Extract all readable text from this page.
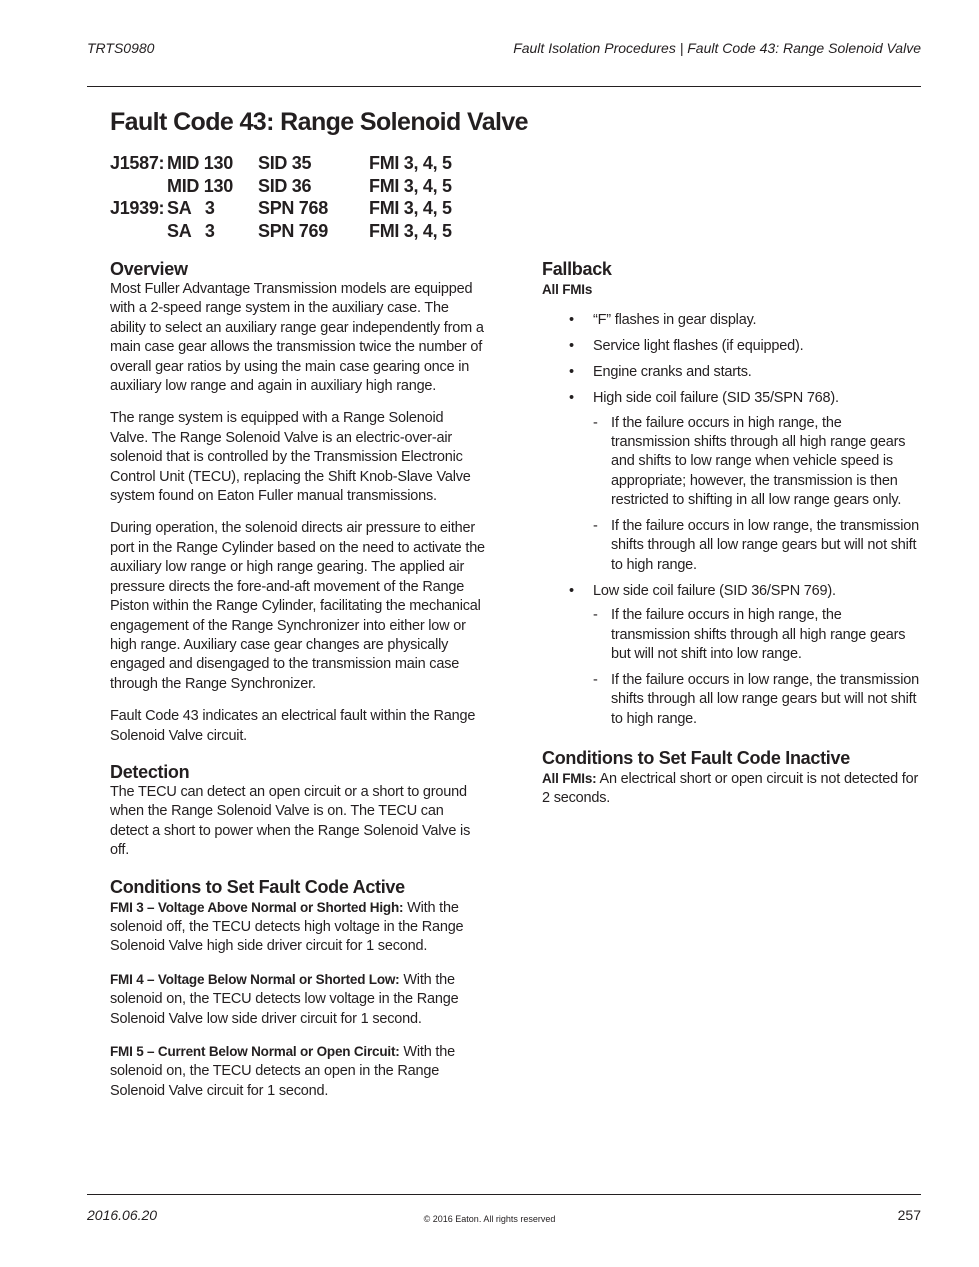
TRTS0980	Fault Isolation Procedures | Fault Code 43: Range Solenoid Valve
Fault Code 43: Range Solenoid Valve
J1587: MID 130 SID 35	FMI 3, 4, 5
MID 130 SID 36	FMI 3, 4, 5
J1939: SA   3 SPN 768 FMI 3, 4, 5
SA   3 SPN 769 FMI 3, 4, 5
Overview

Most Fuller Advantage Transmission models are equipped with a 2-speed range system in the auxiliary case. The ability to select an auxiliary range gear independently from a main case gear allows the transmission twice the number of overall gear ratios by using the main case gearing once in auxiliary low range and again in auxiliary high range.

The range system is equipped with a Range Solenoid Valve. The Range Solenoid Valve is an electric-over-air solenoid that is controlled by the Transmission Electronic Control Unit (TECU), replacing the Shift Knob-Slave Valve system found on Eaton Fuller manual transmissions.

During operation, the solenoid directs air pressure to either port in the Range Cylinder based on the need to activate the auxiliary low range or high range gearing. The applied air pressure directs the fore-and-aft movement of the Range Piston within the Range Cylinder, facilitating the mechanical engagement of the Range Synchronizer into either low or high range. Auxiliary case gear changes are physically engaged and disengaged to the transmission main case through the Range Synchronizer.

Fault Code 43 indicates an electrical fault within the Range Solenoid Valve circuit.

Detection

The TECU can detect an open circuit or a short to ground when the Range Solenoid Valve is on. The TECU can detect a short to power when the Range Solenoid Valve is off.

Conditions to Set Fault Code Active

FMI 3 – Voltage Above Normal or Shorted High: With the solenoid off, the TECU detects high voltage in the Range Solenoid Valve high side driver circuit for 1 second.

FMI 4 – Voltage Below Normal or Shorted Low: With the solenoid on, the TECU detects low voltage in the Range Solenoid Valve low side driver circuit for 1 second.

FMI 5 – Current Below Normal or Open Circuit: With the solenoid on, the TECU detects an open in the Range Solenoid Valve circuit for 1 second.

Fallback
All FMIs
• “F” flashes in gear display.
• Service light flashes (if equipped).
• Engine cranks and starts.
• High side coil failure (SID 35/SPN 768).
- If the failure occurs in high range, the transmission shifts through all high range gears and shifts to low range when vehicle speed is appropriate; however, the transmission is then restricted to shifting in all low range gears only.
- If the failure occurs in low range, the transmission shifts through all low range gears but will not shift to high range.
• Low side coil failure (SID 36/SPN 769).
- If the failure occurs in high range, the transmission shifts through all high range gears but will not shift into low range.
- If the failure occurs in low range, the transmission shifts through all low range gears but will not shift to high range.
Conditions to Set Fault Code Inactive

All FMIs: An electrical short or open circuit is not detected for 2 seconds.

2016.06.20	© 2016 Eaton. All rights reserved	257
